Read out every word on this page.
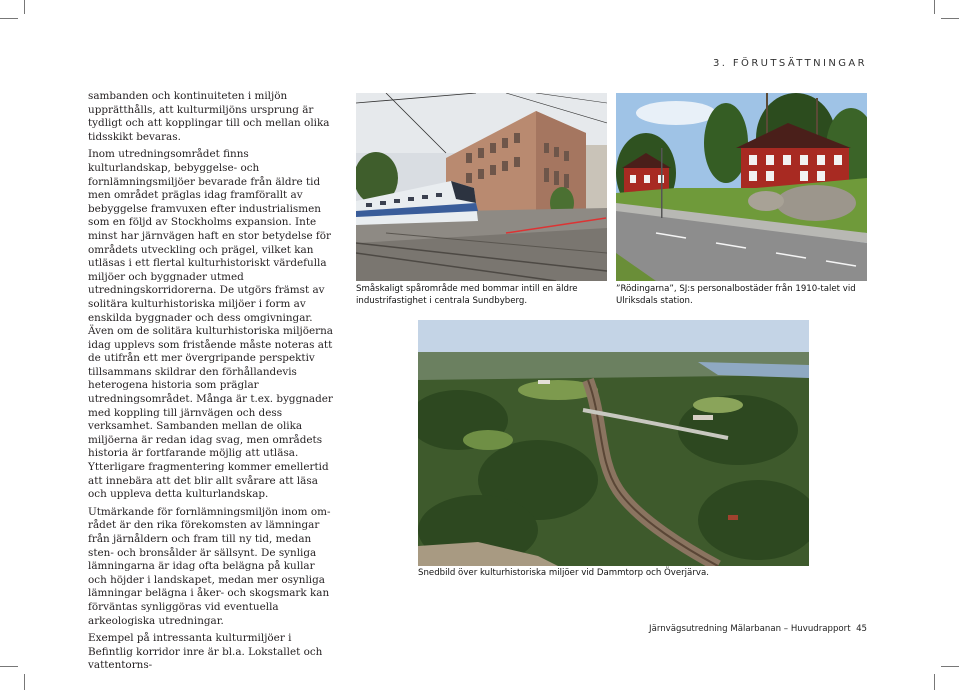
3. FÖRUTSÄTTNINGAR

sambanden och kontinuiteten i miljön upprätthålls, att kulturmiljöns ursprung är tydligt och att kopplingar till och mellan olika tidsskikt bevaras.

Inom utredningsområdet finns kulturlandskap, bebyggelse- och fornlämningsmiljöer bevarade från äldre tid men området präglas idag framförallt av bebyggelse framvuxen efter industrialismen som en följd av Stockholms expansion. Inte minst har järnvägen haft en stor betydelse för områdets utveckling och prägel, vilket kan utläsas i ett flertal kulturhistoriskt värdefulla miljöer och byggnader utmed utredningskorridorerna. De utgörs främst av solitära kulturhistoriska miljöer i form av enskilda byggnader och dess omgivningar. Även om de solitära kulturhistoriska miljöerna idag upplevs som fristående måste noteras att de utifrån ett mer övergripande perspektiv tillsammans skildrar den förhållandevis heterogena historia som präglar utredningsområdet. Många är t.ex. byggnader med koppling till järnvägen och dess verksamhet. Sambanden mellan de olika miljöerna är redan idag svag, men områdets historia är fortfarande möjlig att utläsa. Ytterligare fragmentering kommer emellertid att innebära att det blir allt svårare att läsa och uppleva detta kulturlandskap.

Utmärkande för fornlämningsmiljön inom området är den rika förekomsten av lämningar från järnåldern och fram till ny tid, medan sten- och bronsålder är sällsynt. De synliga lämningarna är idag ofta belägna på kullar och höjder i landskapet, medan mer osynliga lämningar belägna i åker- och skogsmark kan förväntas synliggöras vid eventuella arkeologiska utredningar.

Exempel på intressanta kulturmiljöer i Befintlig korridor inre är bl.a. Lokstallet och vattentorns-

Småskaligt spårområde med bommar intill en äldre industrifastighet i centrala Sundbyberg.
”Rödingarna”, SJ:s personalbostäder från 1910-talet vid Ulriksdals station.
Snedbild över kulturhistoriska miljöer vid Dammtorp och Överjärva.
Järnvägsutredning Mälarbanan – Huvudrapport 45
